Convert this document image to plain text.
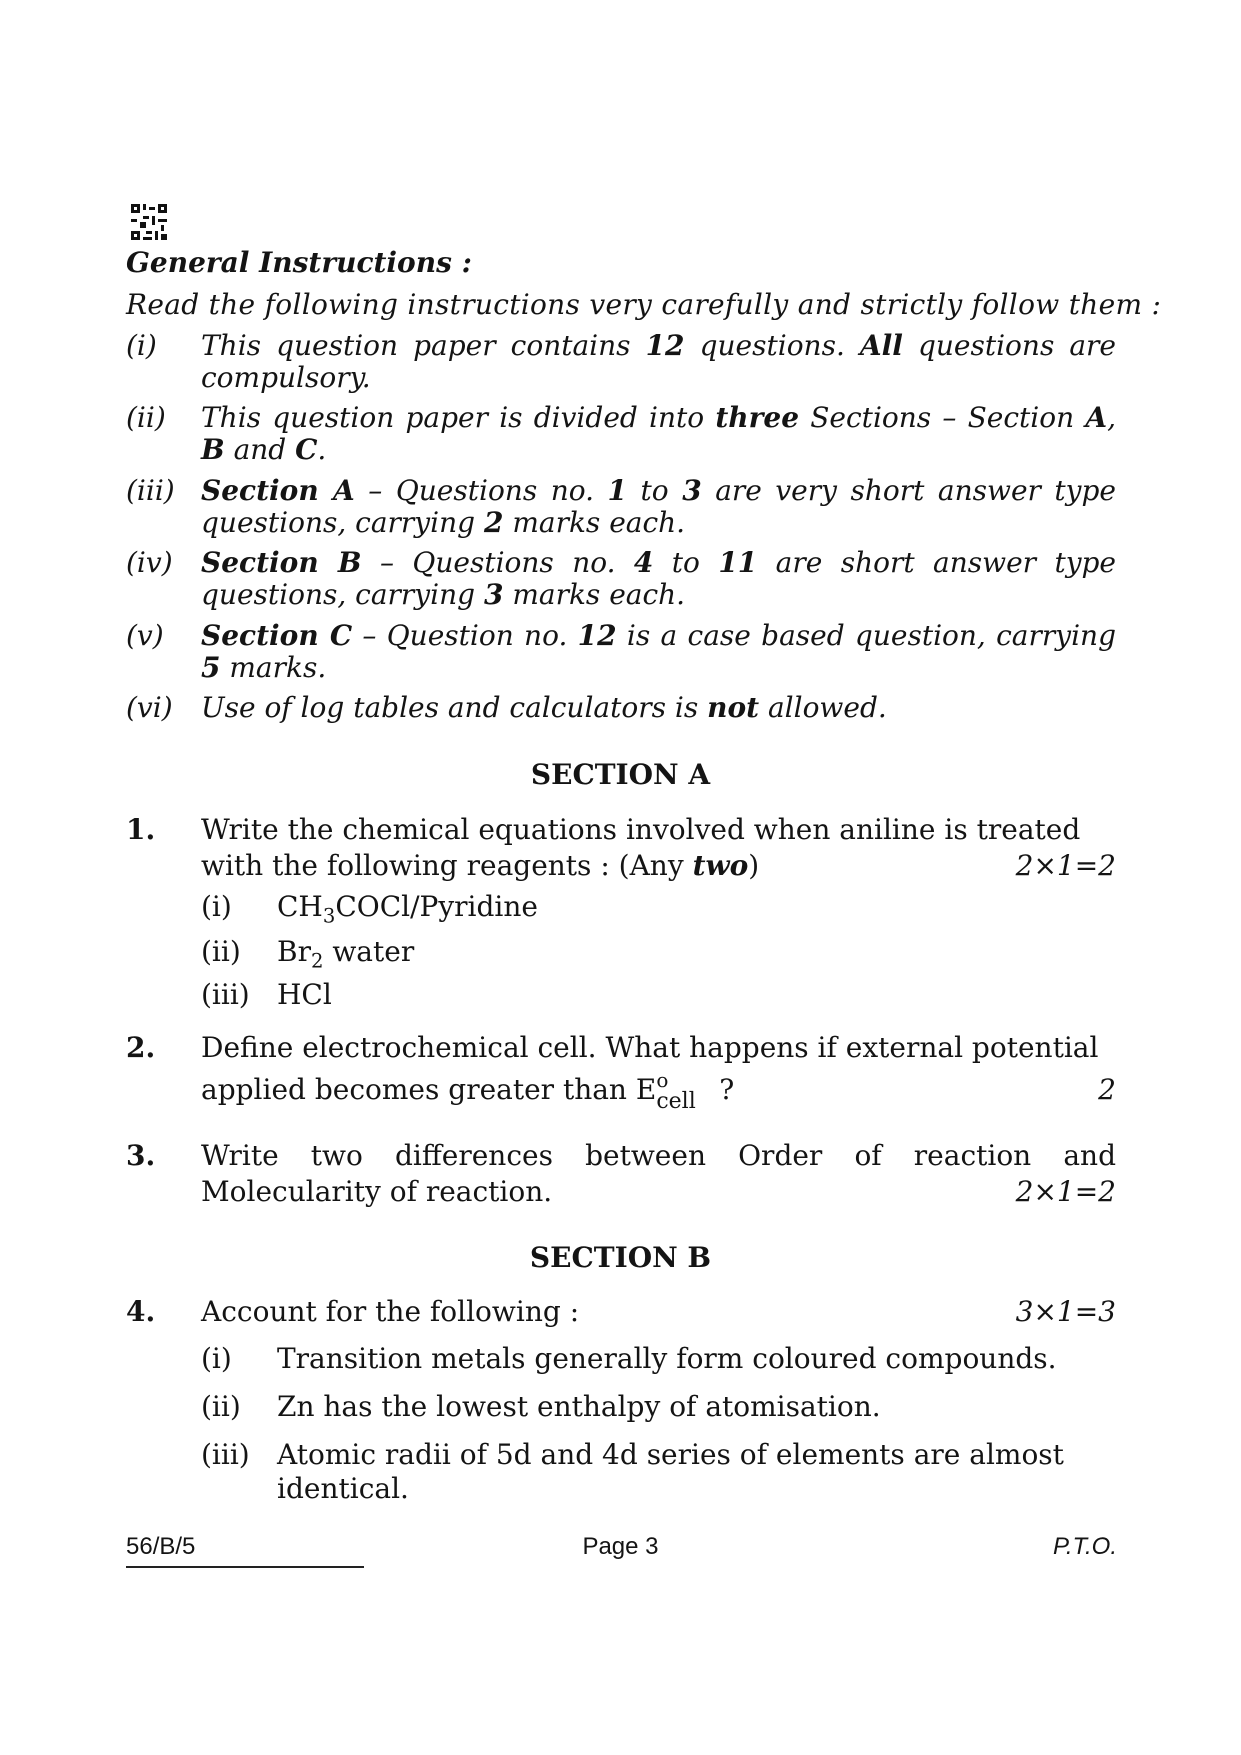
General Instructions :
Read the following instructions very carefully and strictly follow them :
(i) This question paper contains 12 questions. All questions are compulsory.
(ii) This question paper is divided into three Sections – Section A, B and C.
(iii) Section A – Questions no. 1 to 3 are very short answer type questions, carrying 2 marks each.
(iv) Section B – Questions no. 4 to 11 are short answer type questions, carrying 3 marks each.
(v) Section C – Question no. 12 is a case based question, carrying 5 marks.
(vi) Use of log tables and calculators is not allowed.
SECTION A
1. Write the chemical equations involved when aniline is treated
with the following reagents : (Any two)	2×1=2
(i) $CH_3COCl$/Pyridine
(ii) $Br_2$ water
(iii) HCl
2. Define electrochemical cell. What happens if external potential
applied becomes greater than E o
cell ?	2
3. Write two differences between Order of reaction and
Molecularity of reaction.	2×1=2
SECTION B
4. Account for the following :	3×1=3
(i) Transition metals generally form coloured compounds.
(ii) Zn has the lowest enthalpy of atomisation.
(iii) Atomic radii of 5d and 4d series of elements are almost
identical.
56/B/5	Page 3	P.T.O.
